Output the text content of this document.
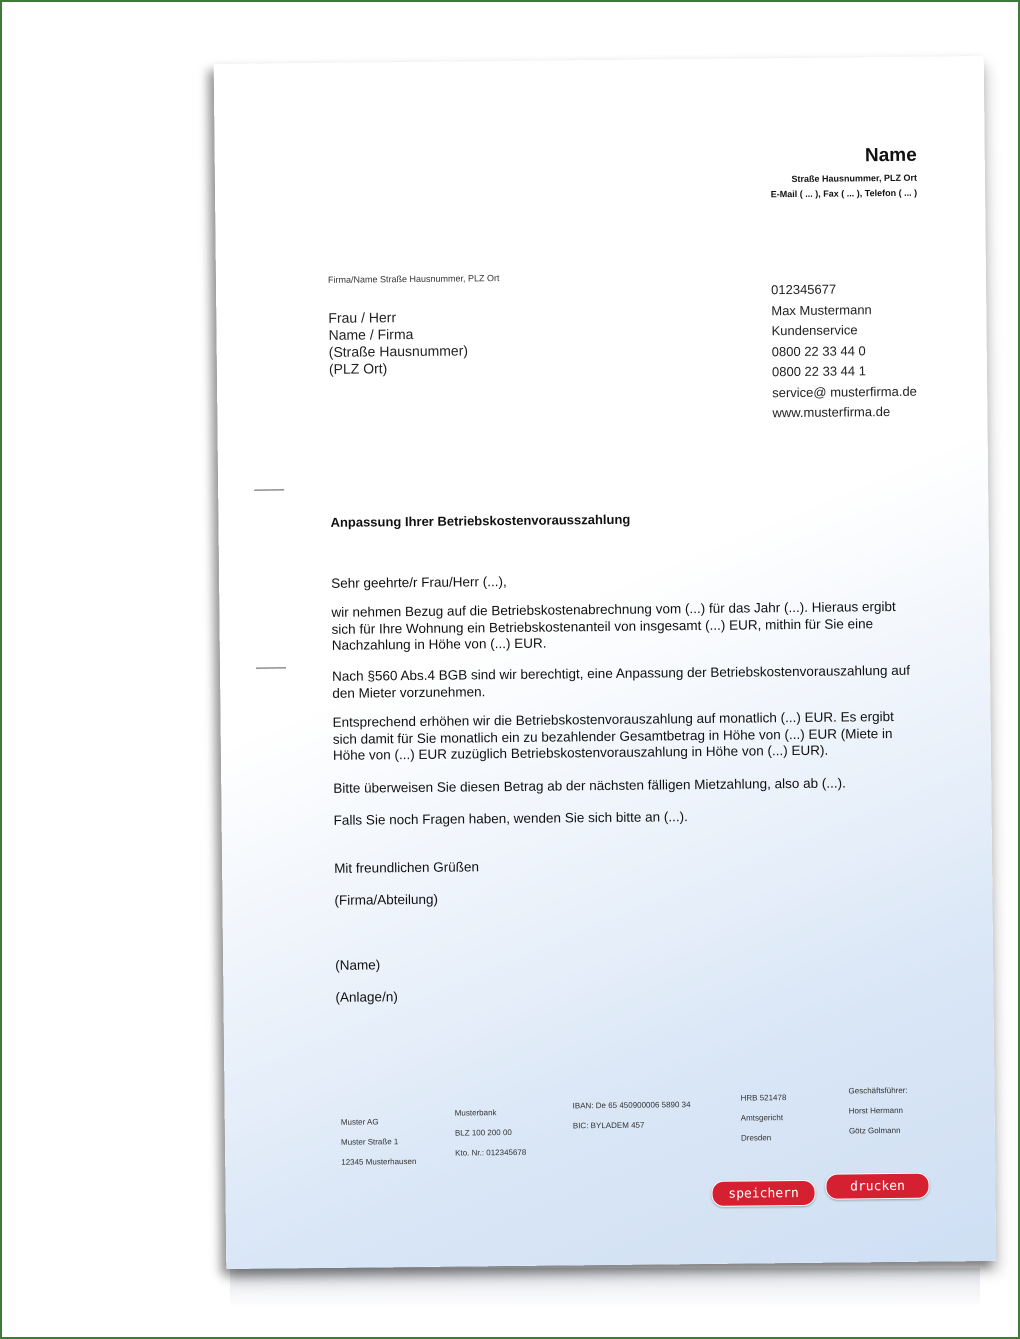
Name
Straße Hausnummer, PLZ Ort
E-Mail ( ... ), Fax ( ... ), Telefon ( ... )
Firma/Name Straße Hausnummer, PLZ Ort
Frau / Herr
Name / Firma
(Straße Hausnummer)
(PLZ Ort)
012345677
Max Mustermann
Kundenservice
0800 22 33 44 0
0800 22 33 44 1
service@ musterfirma.de
www.musterfirma.de
Anpassung Ihrer Betriebskostenvorausszahlung
Sehr geehrte/r Frau/Herr (...),
wir nehmen Bezug auf die Betriebskostenabrechnung vom (...) für das Jahr (...). Hieraus ergibt sich für Ihre Wohnung ein Betriebskostenanteil von insgesamt (...) EUR, mithin für Sie eine Nachzahlung in Höhe von (...) EUR.
Nach §560 Abs.4 BGB sind wir berechtigt, eine Anpassung der Betriebskostenvorauszahlung auf den Mieter vorzunehmen.
Entsprechend erhöhen wir die Betriebskostenvorauszahlung auf monatlich (...) EUR. Es ergibt sich damit für Sie monatlich ein zu bezahlender Gesamtbetrag in Höhe von (...) EUR (Miete in Höhe von (...) EUR zuzüglich Betriebskostenvorauszahlung in Höhe von (...) EUR).
Bitte überweisen Sie diesen Betrag ab der nächsten fälligen Mietzahlung, also ab (...).
Falls Sie noch Fragen haben, wenden Sie sich bitte an (...).
Mit freundlichen Grüßen
(Firma/Abteilung)
(Name)
(Anlage/n)
Muster AG
Muster Straße 1
12345 Musterhausen
Musterbank
BLZ 100 200 00
Kto. Nr.: 012345678
IBAN: De 65 450900006 5890 34
BIC: BYLADEM 457
HRB 521478
Amtsgericht
Dresden
Geschäftsführer:
Horst Hermann
Götz Golmann
speichern	drucken
